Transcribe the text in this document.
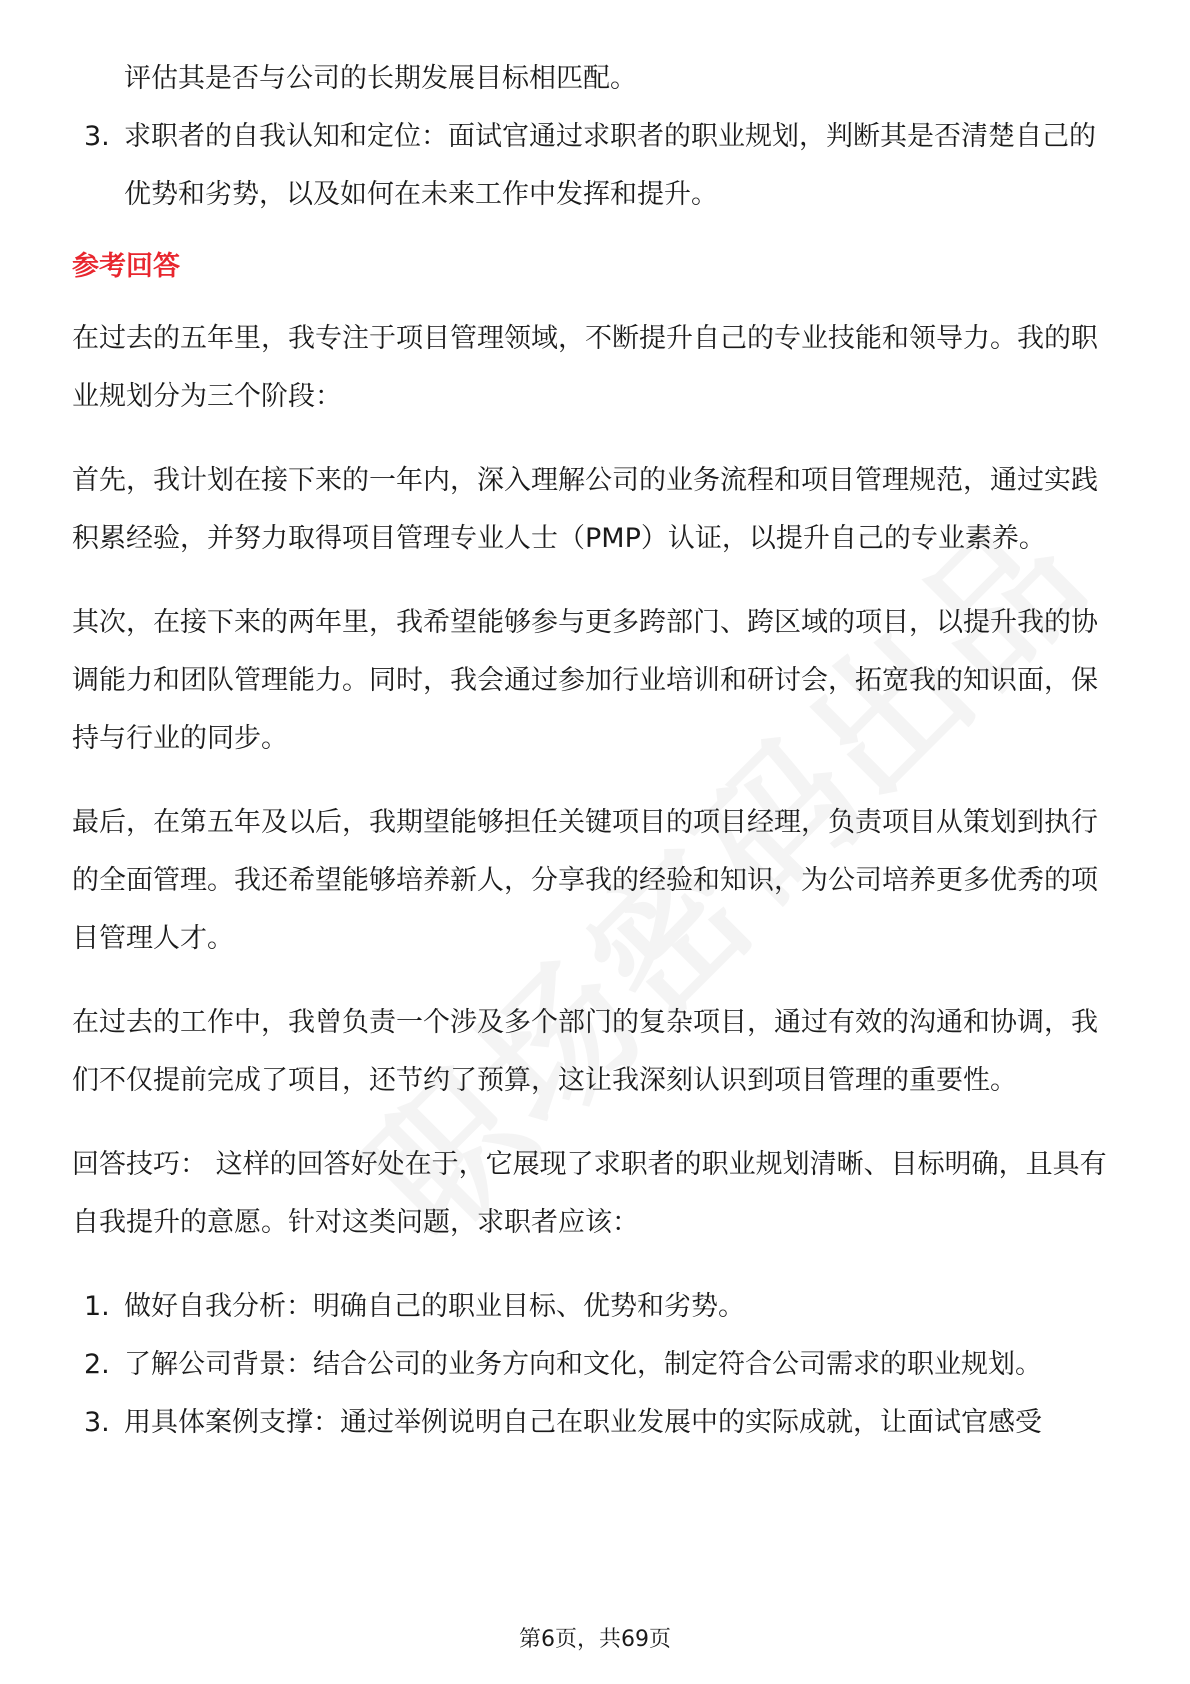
评估其是否与公司的长期发展目标相匹配。
3. 求职者的自我认知和定位：面试官通过求职者的职业规划，判断其是否清楚自己的优势和劣势，以及如何在未来工作中发挥和提升。
参考回答

在过去的五年里，我专注于项目管理领域，不断提升自己的专业技能和领导力。我的职业规划分为三个阶段：

首先，我计划在接下来的一年内，深入理解公司的业务流程和项目管理规范，通过实践积累经验，并努力取得项目管理专业人士（PMP）认证，以提升自己的专业素养。

其次，在接下来的两年里，我希望能够参与更多跨部门、跨区域的项目，以提升我的协调能力和团队管理能力。同时，我会通过参加行业培训和研讨会，拓宽我的知识面，保持与行业的同步。

最后，在第五年及以后，我期望能够担任关键项目的项目经理，负责项目从策划到执行的全面管理。我还希望能够培养新人，分享我的经验和知识，为公司培养更多优秀的项目管理人才。

在过去的工作中，我曾负责一个涉及多个部门的复杂项目，通过有效的沟通和协调，我们不仅提前完成了项目，还节约了预算，这让我深刻认识到项目管理的重要性。

回答技巧： 这样的回答好处在于，它展现了求职者的职业规划清晰、目标明确，且具有自我提升的意愿。针对这类问题，求职者应该：

1. 做好自我分析：明确自己的职业目标、优势和劣势。
2. 了解公司背景：结合公司的业务方向和文化，制定符合公司需求的职业规划。
3. 用具体案例支撑：通过举例说明自己在职业发展中的实际成就，让面试官感受
第6页，共69页
